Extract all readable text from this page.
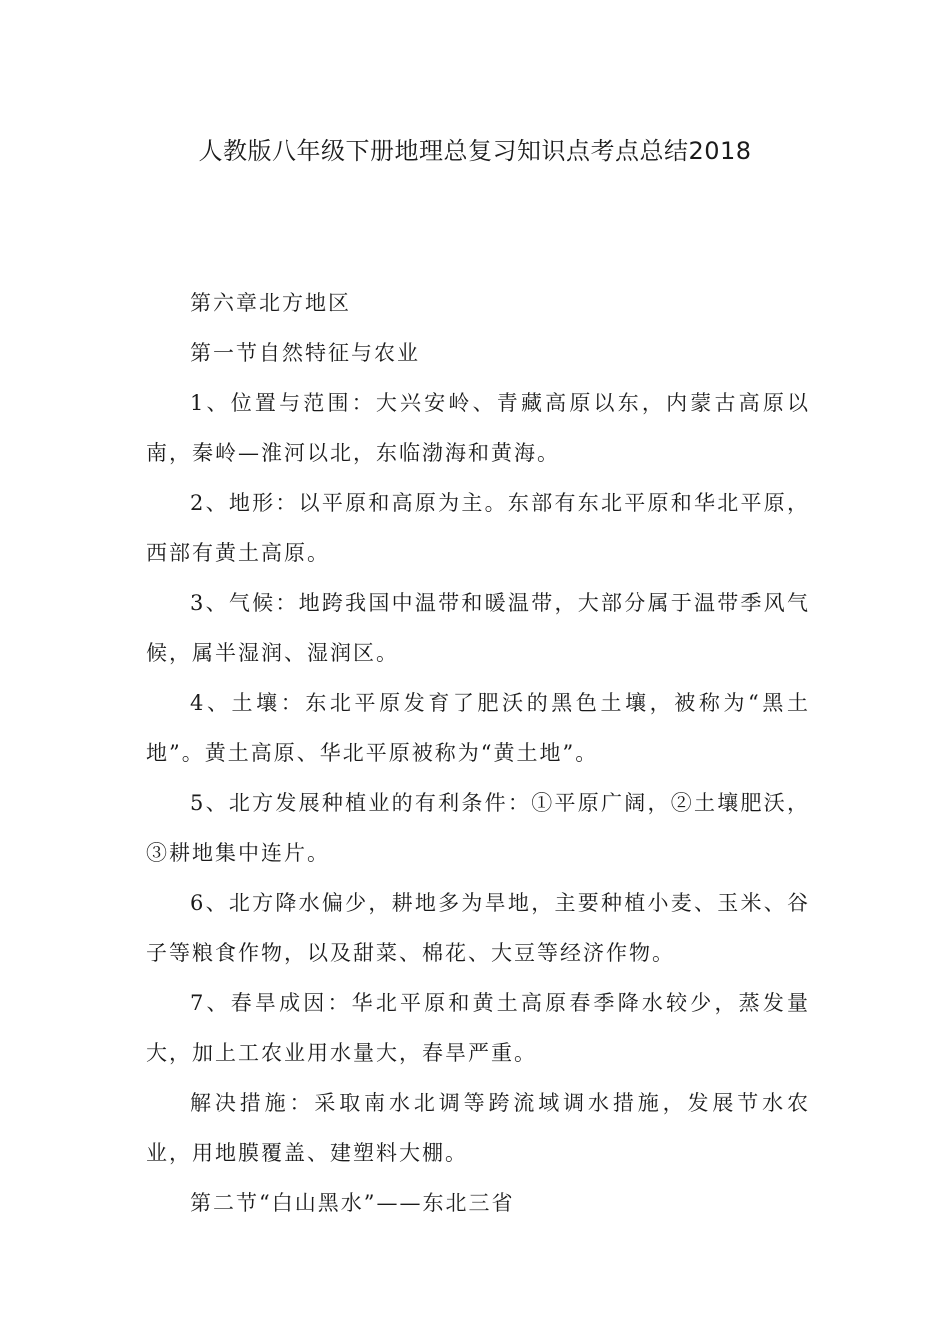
人教版八年级下册地理总复习知识点考点总结2018

第六章北方地区

第一节自然特征与农业

1、位置与范围：大兴安岭、青藏高原以东，内蒙古高原以南，秦岭—淮河以北，东临渤海和黄海。

2、地形：以平原和高原为主。东部有东北平原和华北平原，西部有黄土高原。

3、气候：地跨我国中温带和暖温带，大部分属于温带季风气候，属半湿润、湿润区。

4、土壤：东北平原发育了肥沃的黑色土壤，被称为“黑土地”。黄土高原、华北平原被称为“黄土地”。

5、北方发展种植业的有利条件：①平原广阔，②土壤肥沃，③耕地集中连片。

6、北方降水偏少，耕地多为旱地，主要种植小麦、玉米、谷子等粮食作物，以及甜菜、棉花、大豆等经济作物。

7、春旱成因：华北平原和黄土高原春季降水较少，蒸发量大，加上工农业用水量大，春旱严重。

解决措施：采取南水北调等跨流域调水措施，发展节水农业，用地膜覆盖、建塑料大棚。

第二节“白山黑水”——东北三省
